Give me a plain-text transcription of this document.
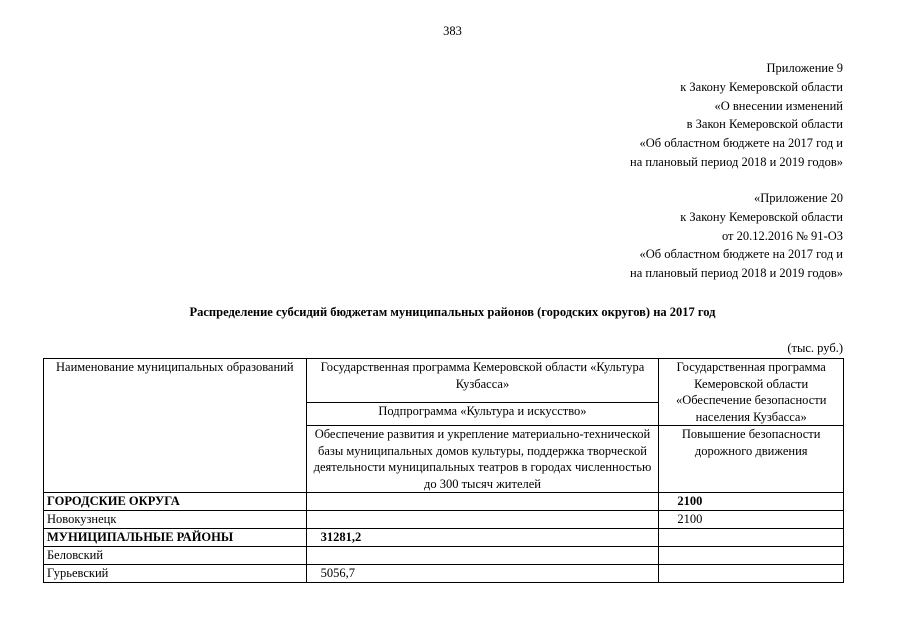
383
Приложение 9
к Закону Кемеровской области
«О внесении изменений
в Закон Кемеровской области
«Об областном бюджете на 2017 год и
на плановый период 2018 и 2019 годов»
«Приложение 20
к Закону Кемеровской области
от 20.12.2016 № 91-ОЗ
«Об областном бюджете на 2017 год и
на плановый период 2018 и 2019 годов»
Распределение субсидий бюджетам муниципальных районов (городских округов) на 2017 год
(тыс. руб.)
Наименование муниципальных образований	Государственная программа Кемеровской области «Культура Кузбасса»	Государственная программа Кемеровской области «Обеспечение безопасности населения Кузбасса»
	Подпрограмма «Культура и искусство»	
	Обеспечение развития и укрепление материально-технической базы муниципальных домов культуры, поддержка творческой деятельности муниципальных театров в городах численностью до 300 тысяч жителей	Повышение безопасности дорожного движения
ГОРОДСКИЕ ОКРУГА		2100
Новокузнецк		2100
МУНИЦИПАЛЬНЫЕ РАЙОНЫ	31281,2	
Беловский		
Гурьевский	5056,7	
